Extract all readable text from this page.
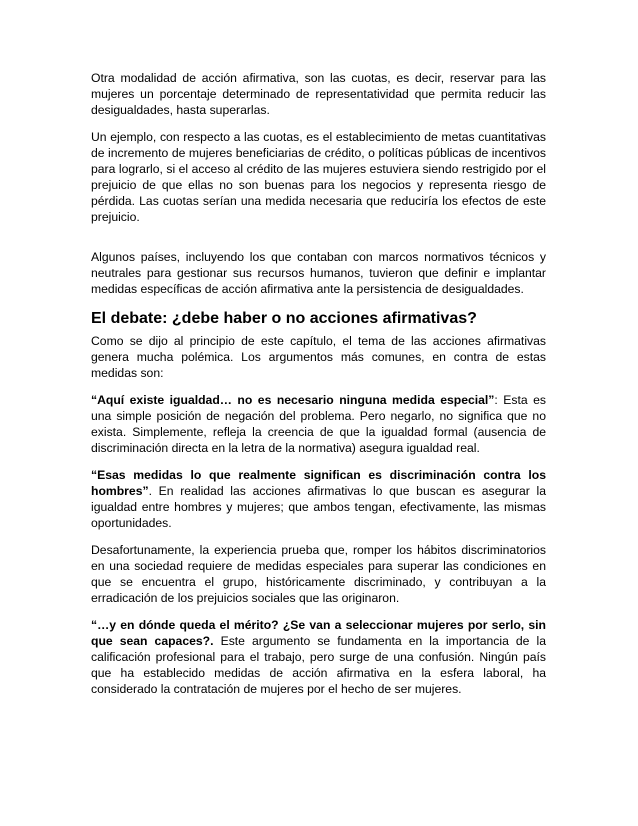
Otra modalidad de acción afirmativa, son las cuotas, es decir, reservar para las mujeres un porcentaje determinado de representatividad que permita reducir las desigualdades, hasta superarlas.

Un ejemplo, con respecto a las cuotas, es el establecimiento de metas cuantitativas de incremento de mujeres beneficiarias de crédito, o políticas públicas de incentivos para lograrlo, si el acceso al crédito de las mujeres estuviera siendo restrigido por el prejuicio de que ellas no son buenas para los negocios y representa riesgo de pérdida. Las cuotas serían una medida necesaria que reduciría los efectos de este prejuicio.

Algunos países, incluyendo los que contaban con marcos normativos técnicos y neutrales para gestionar sus recursos humanos, tuvieron que definir e implantar medidas específicas de acción afirmativa ante la persistencia de desigualdades.

El debate: ¿debe haber o no acciones afirmativas?

Como se dijo al principio de este capítulo, el tema de las acciones afirmativas genera mucha polémica. Los argumentos más comunes, en contra de estas medidas son:

“Aquí existe igualdad… no es necesario ninguna medida especial”: Esta es una simple posición de negación del problema. Pero negarlo, no significa que no exista. Simplemente, refleja la creencia de que la igualdad formal (ausencia de discriminación directa en la letra de la normativa) asegura igualdad real.

“Esas medidas lo que realmente significan es discriminación contra los hombres”. En realidad las acciones afirmativas lo que buscan es asegurar la igualdad entre hombres y mujeres; que ambos tengan, efectivamente, las mismas oportunidades.

Desafortunamente, la experiencia prueba que, romper los hábitos discriminatorios en una sociedad requiere de medidas especiales para superar las condiciones en que se encuentra el grupo, históricamente discriminado, y contribuyan a la erradicación de los prejuicios sociales que las originaron.

“…y en dónde queda el mérito? ¿Se van a seleccionar mujeres por serlo, sin que sean capaces?. Este argumento se fundamenta en la importancia de la calificación profesional para el trabajo, pero surge de una confusión. Ningún país que ha establecido medidas de acción afirmativa en la esfera laboral, ha considerado la contratación de mujeres por el hecho de ser mujeres.
